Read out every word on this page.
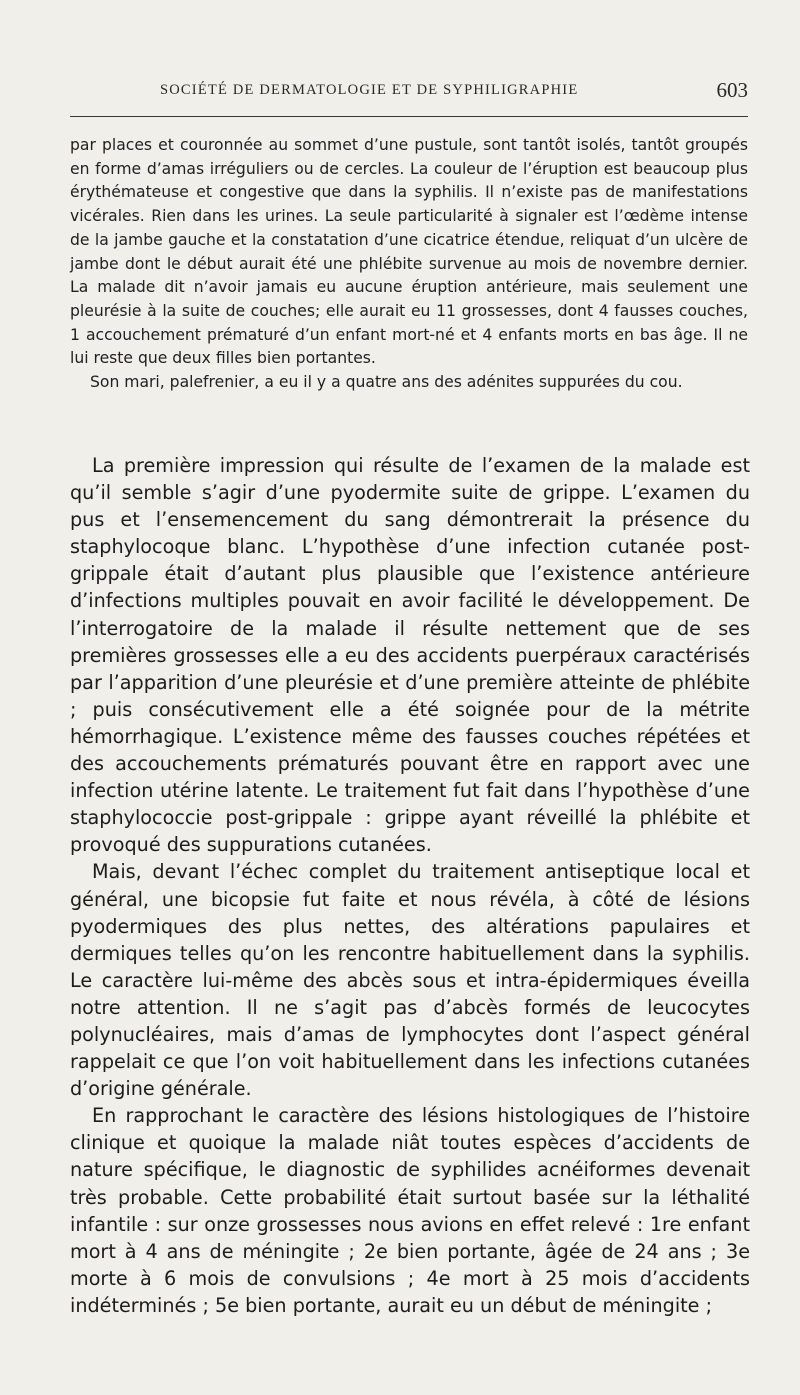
SOCIÉTÉ DE DERMATOLOGIE ET DE SYPHILIGRAPHIE	603

par places et couronnée au sommet d’une pustule, sont tantôt isolés, tantôt groupés en forme d’amas irréguliers ou de cercles. La couleur de l’éruption est beaucoup plus érythémateuse et congestive que dans la syphilis. Il n’existe pas de manifestations vicérales. Rien dans les urines. La seule particularité à signaler est l’œdème intense de la jambe gauche et la constatation d’une cicatrice étendue, reliquat d’un ulcère de jambe dont le début aurait été une phlébite survenue au mois de novembre dernier. La malade dit n’avoir jamais eu aucune éruption antérieure, mais seulement une pleurésie à la suite de couches; elle aurait eu 11 grossesses, dont 4 fausses couches, 1 accouchement prématuré d’un enfant mort-né et 4 enfants morts en bas âge. Il ne lui reste que deux filles bien portantes.

Son mari, palefrenier, a eu il y a quatre ans des adénites suppurées du cou.

La première impression qui résulte de l’examen de la malade est qu’il semble s’agir d’une pyodermite suite de grippe. L’examen du pus et l’ensemencement du sang démontrerait la présence du staphylocoque blanc. L’hypothèse d’une infection cutanée post-grippale était d’autant plus plausible que l’existence antérieure d’infections multiples pouvait en avoir facilité le développement. De l’interrogatoire de la malade il résulte nettement que de ses premières grossesses elle a eu des accidents puerpéraux caractérisés par l’apparition d’une pleurésie et d’une première atteinte de phlébite ; puis consécutivement elle a été soignée pour de la métrite hémorrhagique. L’existence même des fausses couches répétées et des accouchements prématurés pouvant être en rapport avec une infection utérine latente. Le traitement fut fait dans l’hypothèse d’une staphylococcie post-grippale : grippe ayant réveillé la phlébite et provoqué des suppurations cutanées.

Mais, devant l’échec complet du traitement antiseptique local et général, une bicopsie fut faite et nous révéla, à côté de lésions pyodermiques des plus nettes, des altérations papulaires et dermiques telles qu’on les rencontre habituellement dans la syphilis. Le caractère lui-même des abcès sous et intra-épidermiques éveilla notre attention. Il ne s’agit pas d’abcès formés de leucocytes polynucléaires, mais d’amas de lymphocytes dont l’aspect général rappelait ce que l’on voit habituellement dans les infections cutanées d’origine générale.

En rapprochant le caractère des lésions histologiques de l’histoire clinique et quoique la malade niât toutes espèces d’accidents de nature spécifique, le diagnostic de syphilides acnéiformes devenait très probable. Cette probabilité était surtout basée sur la léthalité infantile : sur onze grossesses nous avions en effet relevé : 1re enfant mort à 4 ans de méningite ; 2e bien portante, âgée de 24 ans ; 3e morte à 6 mois de convulsions ; 4e mort à 25 mois d’accidents indéterminés ; 5e bien portante, aurait eu un début de méningite ;
